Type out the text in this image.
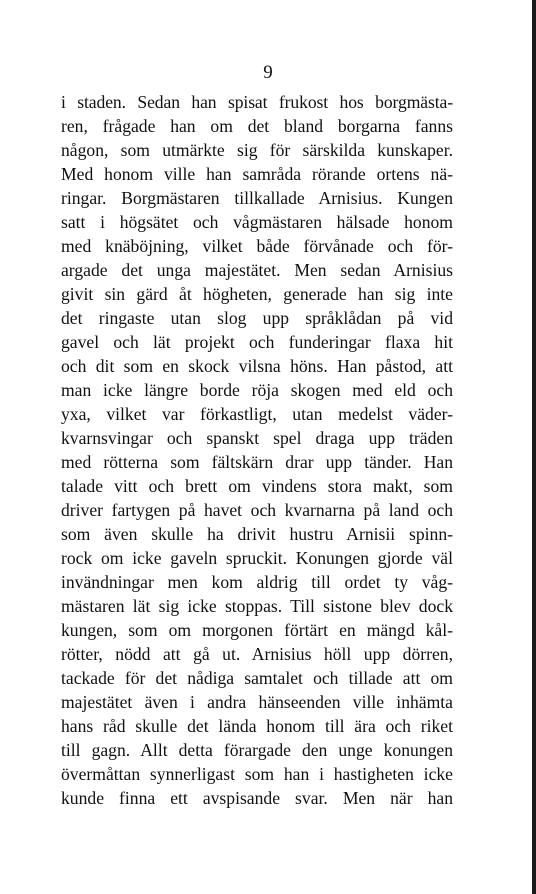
9
i staden. Sedan han spisat frukost hos borgmästa-
ren, frågade han om det bland borgarna fanns
någon, som utmärkte sig för särskilda kunskaper.
Med honom ville han samråda rörande ortens nä-
ringar. Borgmästaren tillkallade Arnisius. Kungen
satt i högsätet och vågmästaren hälsade honom
med knäböjning, vilket både förvånade och för-
argade det unga majestätet. Men sedan Arnisius
givit sin gärd åt högheten, generade han sig inte
det ringaste utan slog upp språklådan på vid
gavel och lät projekt och funderingar flaxa hit
och dit som en skock vilsna höns. Han påstod, att
man icke längre borde röja skogen med eld och
yxa, vilket var förkastligt, utan medelst väder-
kvarnsvingar och spanskt spel draga upp träden
med rötterna som fältskärn drar upp tänder. Han
talade vitt och brett om vindens stora makt, som
driver fartygen på havet och kvarnarna på land och
som även skulle ha drivit hustru Arnisii spinn-
rock om icke gaveln spruckit. Konungen gjorde väl
invändningar men kom aldrig till ordet ty våg-
mästaren lät sig icke stoppas. Till sistone blev dock
kungen, som om morgonen förtärt en mängd kål-
rötter, nödd att gå ut. Arnisius höll upp dörren,
tackade för det nådiga samtalet och tillade att om
majestätet även i andra hänseenden ville inhämta
hans råd skulle det lända honom till ära och riket
till gagn. Allt detta förargade den unge konungen
övermåttan synnerligast som han i hastigheten icke
kunde finna ett avspisande svar. Men när han
